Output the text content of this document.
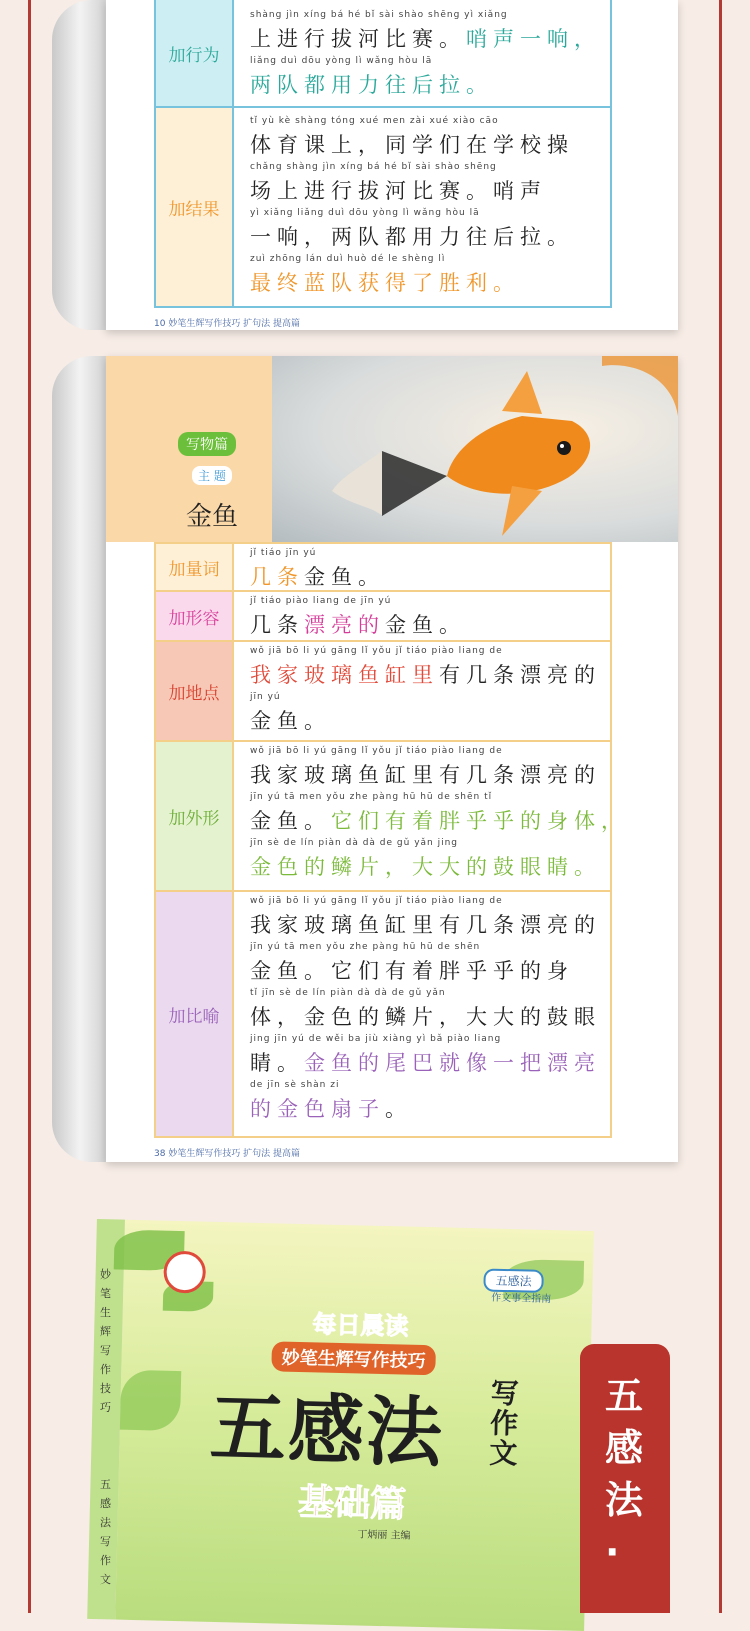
加行为
shàng jìn xíng bá hé bǐ sài shào shēng yì xiǎng
上进行拔河比赛。哨声一响，
liǎng duì dōu yòng lì wǎng hòu lā
两队都用力往后拉。
加结果
tǐ yù kè shàng tóng xué men zài xué xiào cāo
体育课上，同学们在学校操
chǎng shàng jìn xíng bá hé bǐ sài shào shēng
场上进行拔河比赛。哨声
yì xiǎng liǎng duì dōu yòng lì wǎng hòu lā
一响，两队都用力往后拉。
zuì zhōng lán duì huò dé le shèng lì
最终蓝队获得了胜利。
10 妙笔生辉写作技巧 扩句法 提高篇
写物篇
主 题
金鱼
加量词
jǐ tiáo jīn yú
几条金鱼。
加形容
jǐ tiáo piào liang de jīn yú
几条漂亮的金鱼。
加地点
wǒ jiā bō li yú gāng lǐ yǒu jǐ tiáo piào liang de
我家玻璃鱼缸里有几条漂亮的
jīn yú
金鱼。
加外形
wǒ jiā bō li yú gāng lǐ yǒu jǐ tiáo piào liang de
我家玻璃鱼缸里有几条漂亮的
jīn yú tā men yǒu zhe pàng hū hū de shēn tǐ
金鱼。它们有着胖乎乎的身体，
jīn sè de lín piàn dà dà de gǔ yǎn jing
金色的鳞片，大大的鼓眼睛。
加比喻
wǒ jiā bō li yú gāng lǐ yǒu jǐ tiáo piào liang de
我家玻璃鱼缸里有几条漂亮的
jīn yú tā men yǒu zhe pàng hū hū de shēn
金鱼。它们有着胖乎乎的身
tǐ jīn sè de lín piàn dà dà de gǔ yǎn
体，金色的鳞片，大大的鼓眼
jing jīn yú de wěi ba jiù xiàng yì bǎ piào liang
睛。金鱼的尾巴就像一把漂亮
de jīn sè shàn zi
的金色扇子。
38 妙笔生辉写作技巧 扩句法 提高篇
五感法
作文事全指南
每日晨读
妙笔生辉写作技巧
五感法 写作文
基础篇
丁炳丽 主编
妙笔生辉写作技巧
五感法写作文
五感法·
